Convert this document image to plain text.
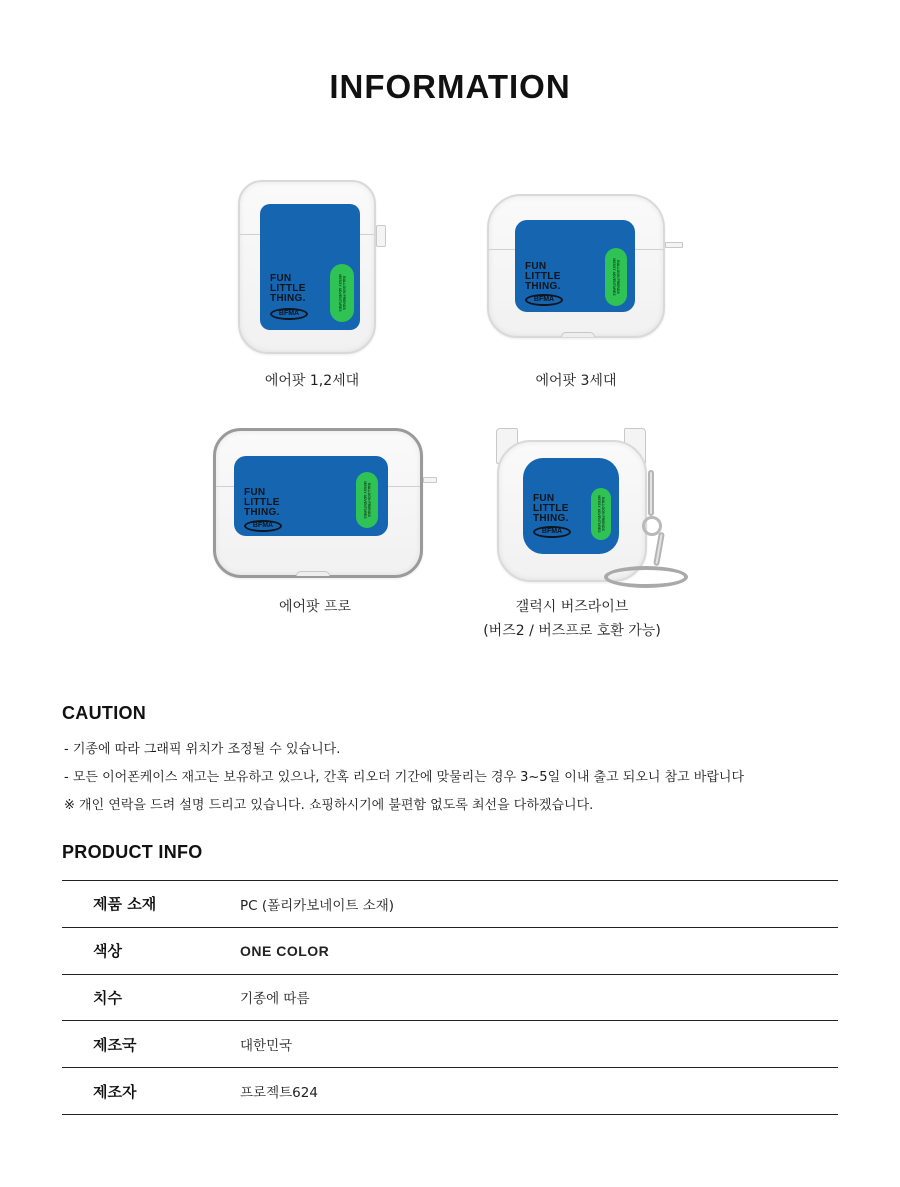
INFORMATION
FUN
LITTLE
THING.
BFMA
BALLOON FRIENDS
MESSY ADVENTURES
에어팟 1,2세대
FUN
LITTLE
THING.
BFMA
BALLOON FRIENDS
MESSY ADVENTURES
에어팟 3세대
FUN
LITTLE
THING.
BFMA
BALLOON FRIENDS
MESSY ADVENTURES
에어팟 프로
FUN
LITTLE
THING.
BFMA
BALLOON FRIENDS
MESSY ADVENTURES
갤럭시 버즈라이브
(버즈2 / 버즈프로 호환 가능)
CAUTION
- 기종에 따라 그래픽 위치가 조정될 수 있습니다.
- 모든 이어폰케이스 재고는 보유하고 있으나, 간혹 리오더 기간에 맞물리는 경우 3~5일 이내 출고 되오니 참고 바랍니다
※ 개인 연락을 드려 설명 드리고 있습니다. 쇼핑하시기에 불편함 없도록 최선을 다하겠습니다.
PRODUCT INFO
제품 소재	PC (폴리카보네이트 소재)
색상	ONE COLOR
치수	기종에 따름
제조국	대한민국
제조자	프로젝트624
